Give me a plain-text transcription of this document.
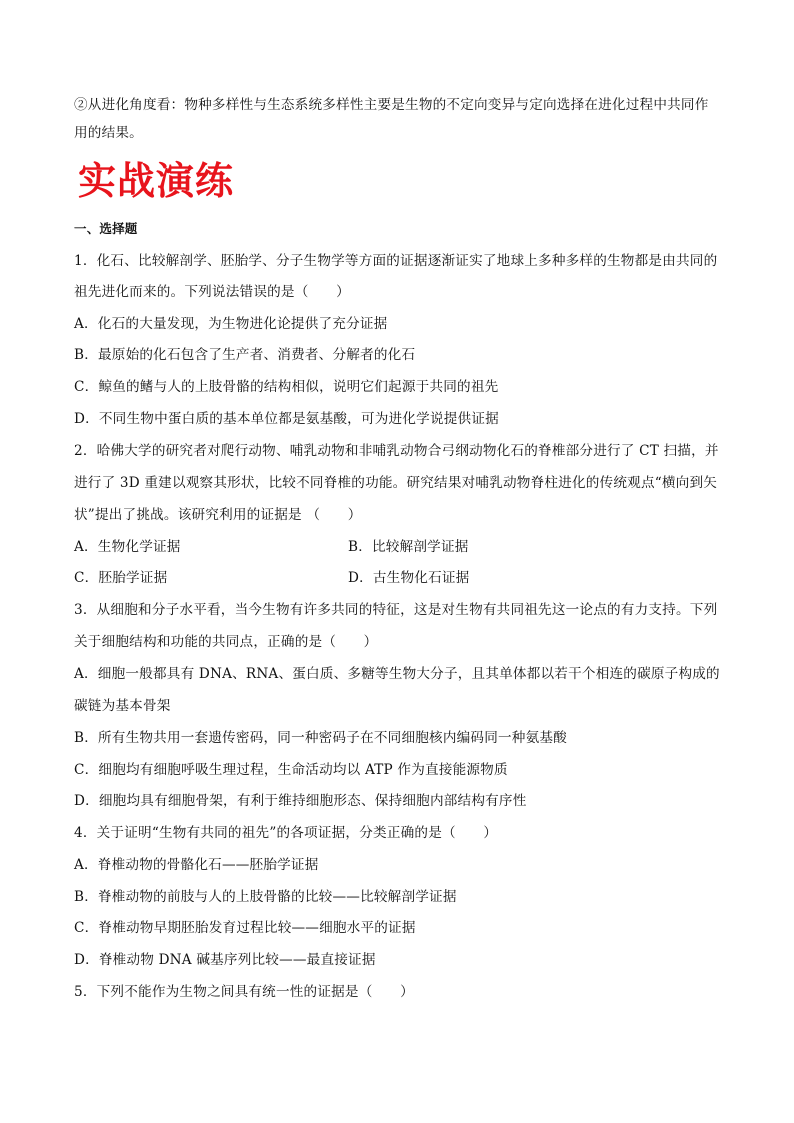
②从进化角度看：物种多样性与生态系统多样性主要是生物的不定向变异与定向选择在进化过程中共同作
用的结果。
实战演练
一、选择题
1．化石、比较解剖学、胚胎学、分子生物学等方面的证据逐渐证实了地球上多种多样的生物都是由共同的
祖先进化而来的。下列说法错误的是（　　）
A．化石的大量发现，为生物进化论提供了充分证据
B．最原始的化石包含了生产者、消费者、分解者的化石
C．鲸鱼的鳍与人的上肢骨骼的结构相似，说明它们起源于共同的祖先
D．不同生物中蛋白质的基本单位都是氨基酸，可为进化学说提供证据
2．哈佛大学的研究者对爬行动物、哺乳动物和非哺乳动物合弓纲动物化石的脊椎部分进行了 CT 扫描，并
进行了 3D 重建以观察其形状，比较不同脊椎的功能。研究结果对哺乳动物脊柱进化的传统观点“横向到矢
状”提出了挑战。该研究利用的证据是 （　　）
A．生物化学证据	B．比较解剖学证据
C．胚胎学证据	D．古生物化石证据
3．从细胞和分子水平看，当今生物有许多共同的特征，这是对生物有共同祖先这一论点的有力支持。下列
关于细胞结构和功能的共同点，正确的是（　　）
A．细胞一般都具有 DNA、RNA、蛋白质、多糖等生物大分子，且其单体都以若干个相连的碳原子构成的
碳链为基本骨架
B．所有生物共用一套遗传密码，同一种密码子在不同细胞核内编码同一种氨基酸
C．细胞均有细胞呼吸生理过程，生命活动均以 ATP 作为直接能源物质
D．细胞均具有细胞骨架，有利于维持细胞形态、保持细胞内部结构有序性
4．关于证明“生物有共同的祖先”的各项证据，分类正确的是（　　）
A．脊椎动物的骨骼化石——胚胎学证据
B．脊椎动物的前肢与人的上肢骨骼的比较——比较解剖学证据
C．脊椎动物早期胚胎发育过程比较——细胞水平的证据
D．脊椎动物 DNA 碱基序列比较——最直接证据
5．下列不能作为生物之间具有统一性的证据是（　　）
